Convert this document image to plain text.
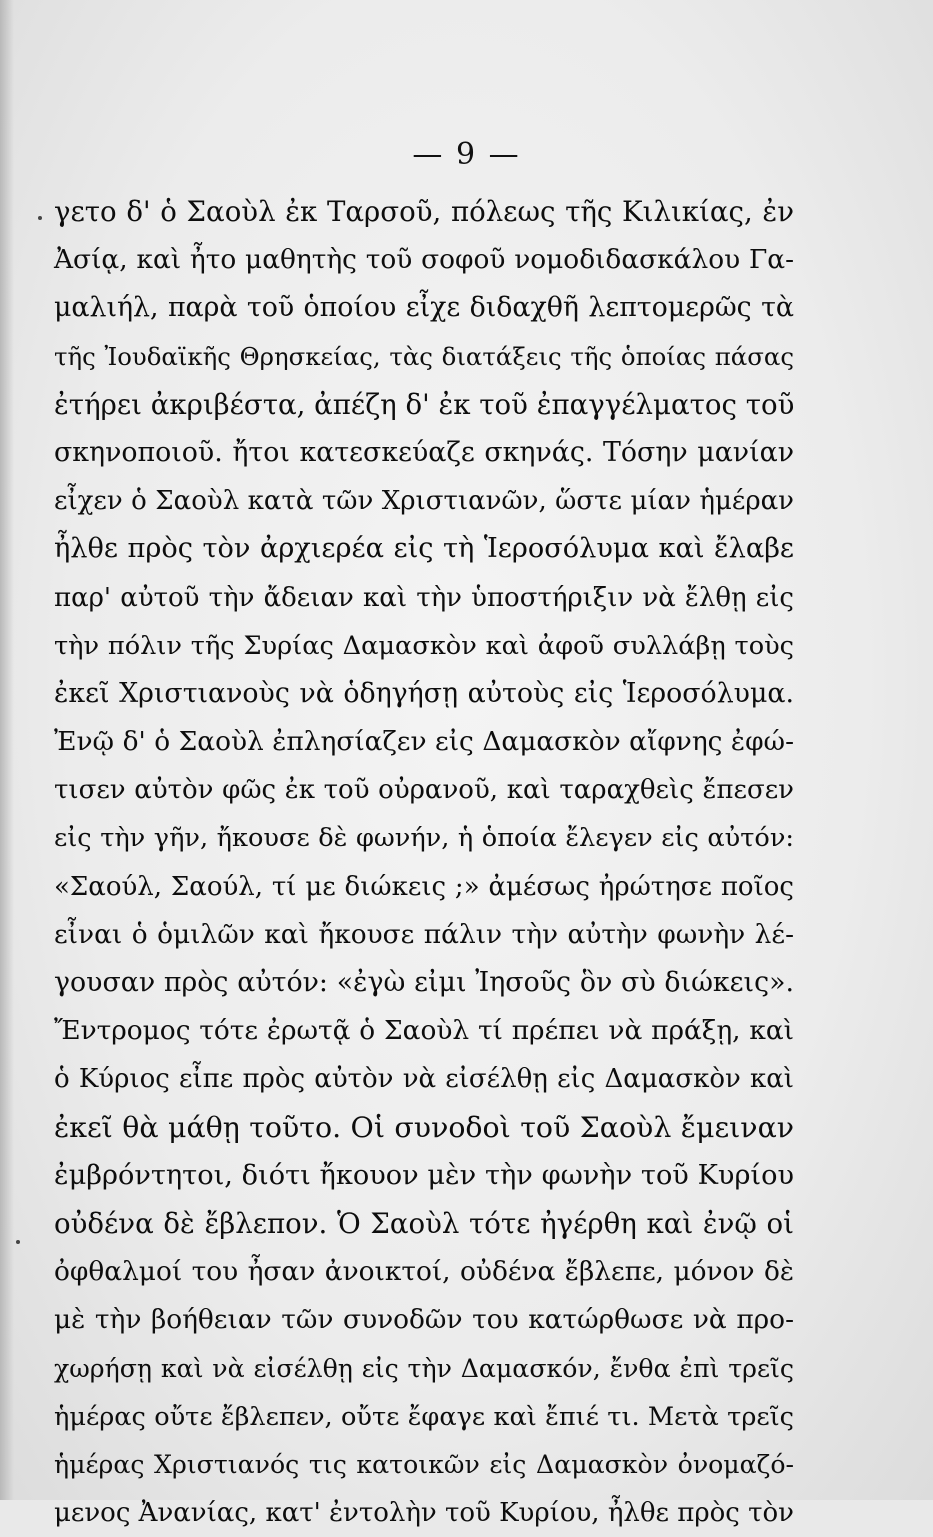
— 9 —
γετο δ' ὁ Σαοὺλ ἐκ Ταρσοῦ, πόλεως τῆς Κιλικίας, ἐν
Ἀσίᾳ, καὶ ἦτο μαθητὴς τοῦ σοφοῦ νομοδιδασκάλου Γα-
μαλιήλ, παρὰ τοῦ ὁποίου εἶχε διδαχθῆ λεπτομερῶς τὰ
τῆς Ἰουδαϊκῆς Θρησκείας, τὰς διατάξεις τῆς ὁποίας πάσας
ἐτήρει ἀκριβέστα, ἀπέζη δ' ἐκ τοῦ ἐπαγγέλματος τοῦ
σκηνοποιοῦ. ἤτοι κατεσκεύαζε σκηνάς. Τόσην μανίαν
εἶχεν ὁ Σαοὺλ κατὰ τῶν Χριστιανῶν, ὥστε μίαν ἡμέραν
ἦλθε πρὸς τὸν ἀρχιερέα εἰς τὴ Ἱεροσόλυμα καὶ ἔλαβε
παρ' αὐτοῦ τὴν ἄδειαν καὶ τὴν ὑποστήριξιν νὰ ἔλθῃ εἰς
τὴν πόλιν τῆς Συρίας Δαμασκὸν καὶ ἀφοῦ συλλάβῃ τοὺς
ἐκεῖ Χριστιανοὺς νὰ ὁδηγήσῃ αὐτοὺς εἰς Ἱεροσόλυμα.
Ἐνῷ δ' ὁ Σαοὺλ ἐπλησίαζεν εἰς Δαμασκὸν αἴφνης ἐφώ-
τισεν αὐτὸν φῶς ἐκ τοῦ οὐρανοῦ, καὶ ταραχθεὶς ἔπεσεν
εἰς τὴν γῆν, ἤκουσε δὲ φωνήν, ἡ ὁποία ἔλεγεν εἰς αὐτόν:
«Σαούλ, Σαούλ, τί με διώκεις ;» ἀμέσως ἠρώτησε ποῖος
εἶναι ὁ ὁμιλῶν καὶ ἤκουσε πάλιν τὴν αὐτὴν φωνὴν λέ-
γουσαν πρὸς αὐτόν: «ἐγὼ εἰμι Ἰησοῦς ὃν σὺ διώκεις».
Ἔντρομος τότε ἐρωτᾷ ὁ Σαοὺλ τί πρέπει νὰ πράξῃ, καὶ
ὁ Κύριος εἶπε πρὸς αὐτὸν νὰ εἰσέλθῃ εἰς Δαμασκὸν καὶ
ἐκεῖ θὰ μάθῃ τοῦτο. Οἱ συνοδοὶ τοῦ Σαοὺλ ἔμειναν
ἐμβρόντητοι, διότι ἤκουον μὲν τὴν φωνὴν τοῦ Κυρίου
οὐδένα δὲ ἔβλεπον. Ὁ Σαοὺλ τότε ἠγέρθη καὶ ἐνῷ οἱ
ὀφθαλμοί του ἦσαν ἀνοικτοί, οὐδένα ἔβλεπε, μόνον δὲ
μὲ τὴν βοήθειαν τῶν συνοδῶν του κατώρθωσε νὰ προ-
χωρήσῃ καὶ νὰ εἰσέλθῃ εἰς τὴν Δαμασκόν, ἔνθα ἐπὶ τρεῖς
ἡμέρας οὔτε ἔβλεπεν, οὔτε ἔφαγε καὶ ἔπιέ τι. Μετὰ τρεῖς
ἡμέρας Χριστιανός τις κατοικῶν εἰς Δαμασκὸν ὀνομαζό-
μενος Ἀνανίας, κατ' ἐντολὴν τοῦ Κυρίου, ἦλθε πρὸς τὸν
